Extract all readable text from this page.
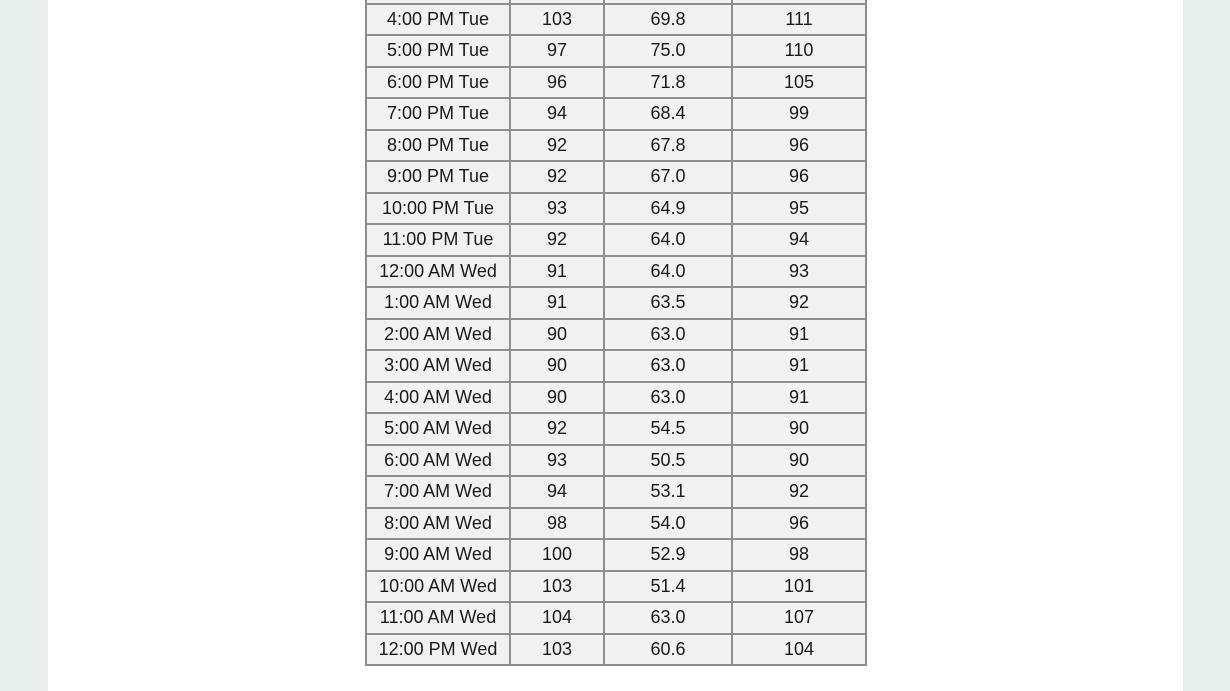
4:00 PM Tue	103	69.8	111
5:00 PM Tue	97	75.0	110
6:00 PM Tue	96	71.8	105
7:00 PM Tue	94	68.4	99
8:00 PM Tue	92	67.8	96
9:00 PM Tue	92	67.0	96
10:00 PM Tue	93	64.9	95
11:00 PM Tue	92	64.0	94
12:00 AM Wed	91	64.0	93
1:00 AM Wed	91	63.5	92
2:00 AM Wed	90	63.0	91
3:00 AM Wed	90	63.0	91
4:00 AM Wed	90	63.0	91
5:00 AM Wed	92	54.5	90
6:00 AM Wed	93	50.5	90
7:00 AM Wed	94	53.1	92
8:00 AM Wed	98	54.0	96
9:00 AM Wed	100	52.9	98
10:00 AM Wed	103	51.4	101
11:00 AM Wed	104	63.0	107
12:00 PM Wed	103	60.6	104
